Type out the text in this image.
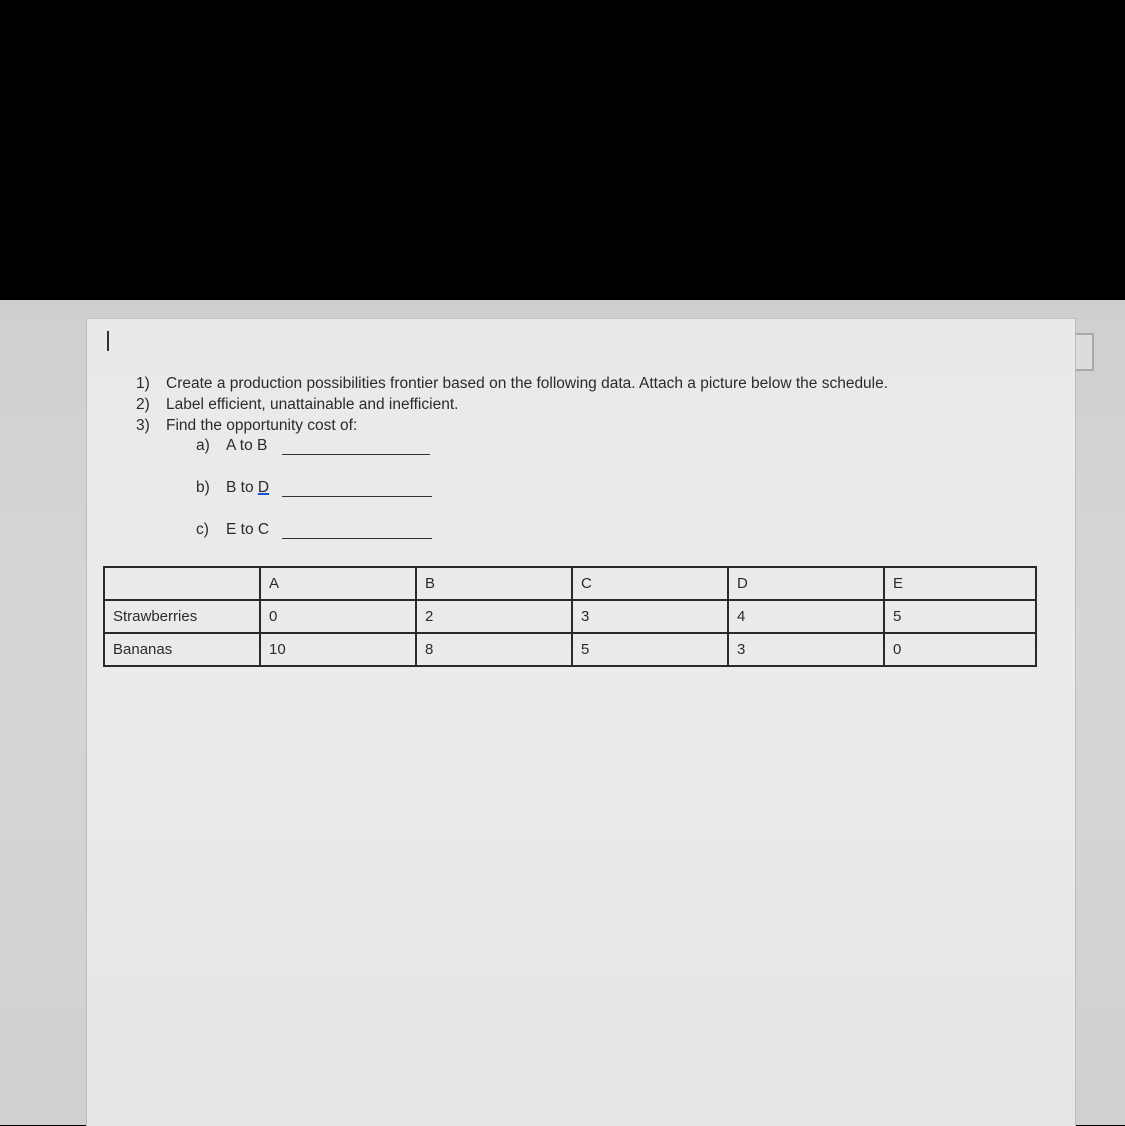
1) Create a production possibilities frontier based on the following data. Attach a picture below the schedule.
2) Label efficient, unattainable and inefficient.
3) Find the opportunity cost of:
a) A to B
b) B to D
c) E to C
	A	B	C	D	E
Strawberries	0	2	3	4	5
Bananas	10	8	5	3	0
